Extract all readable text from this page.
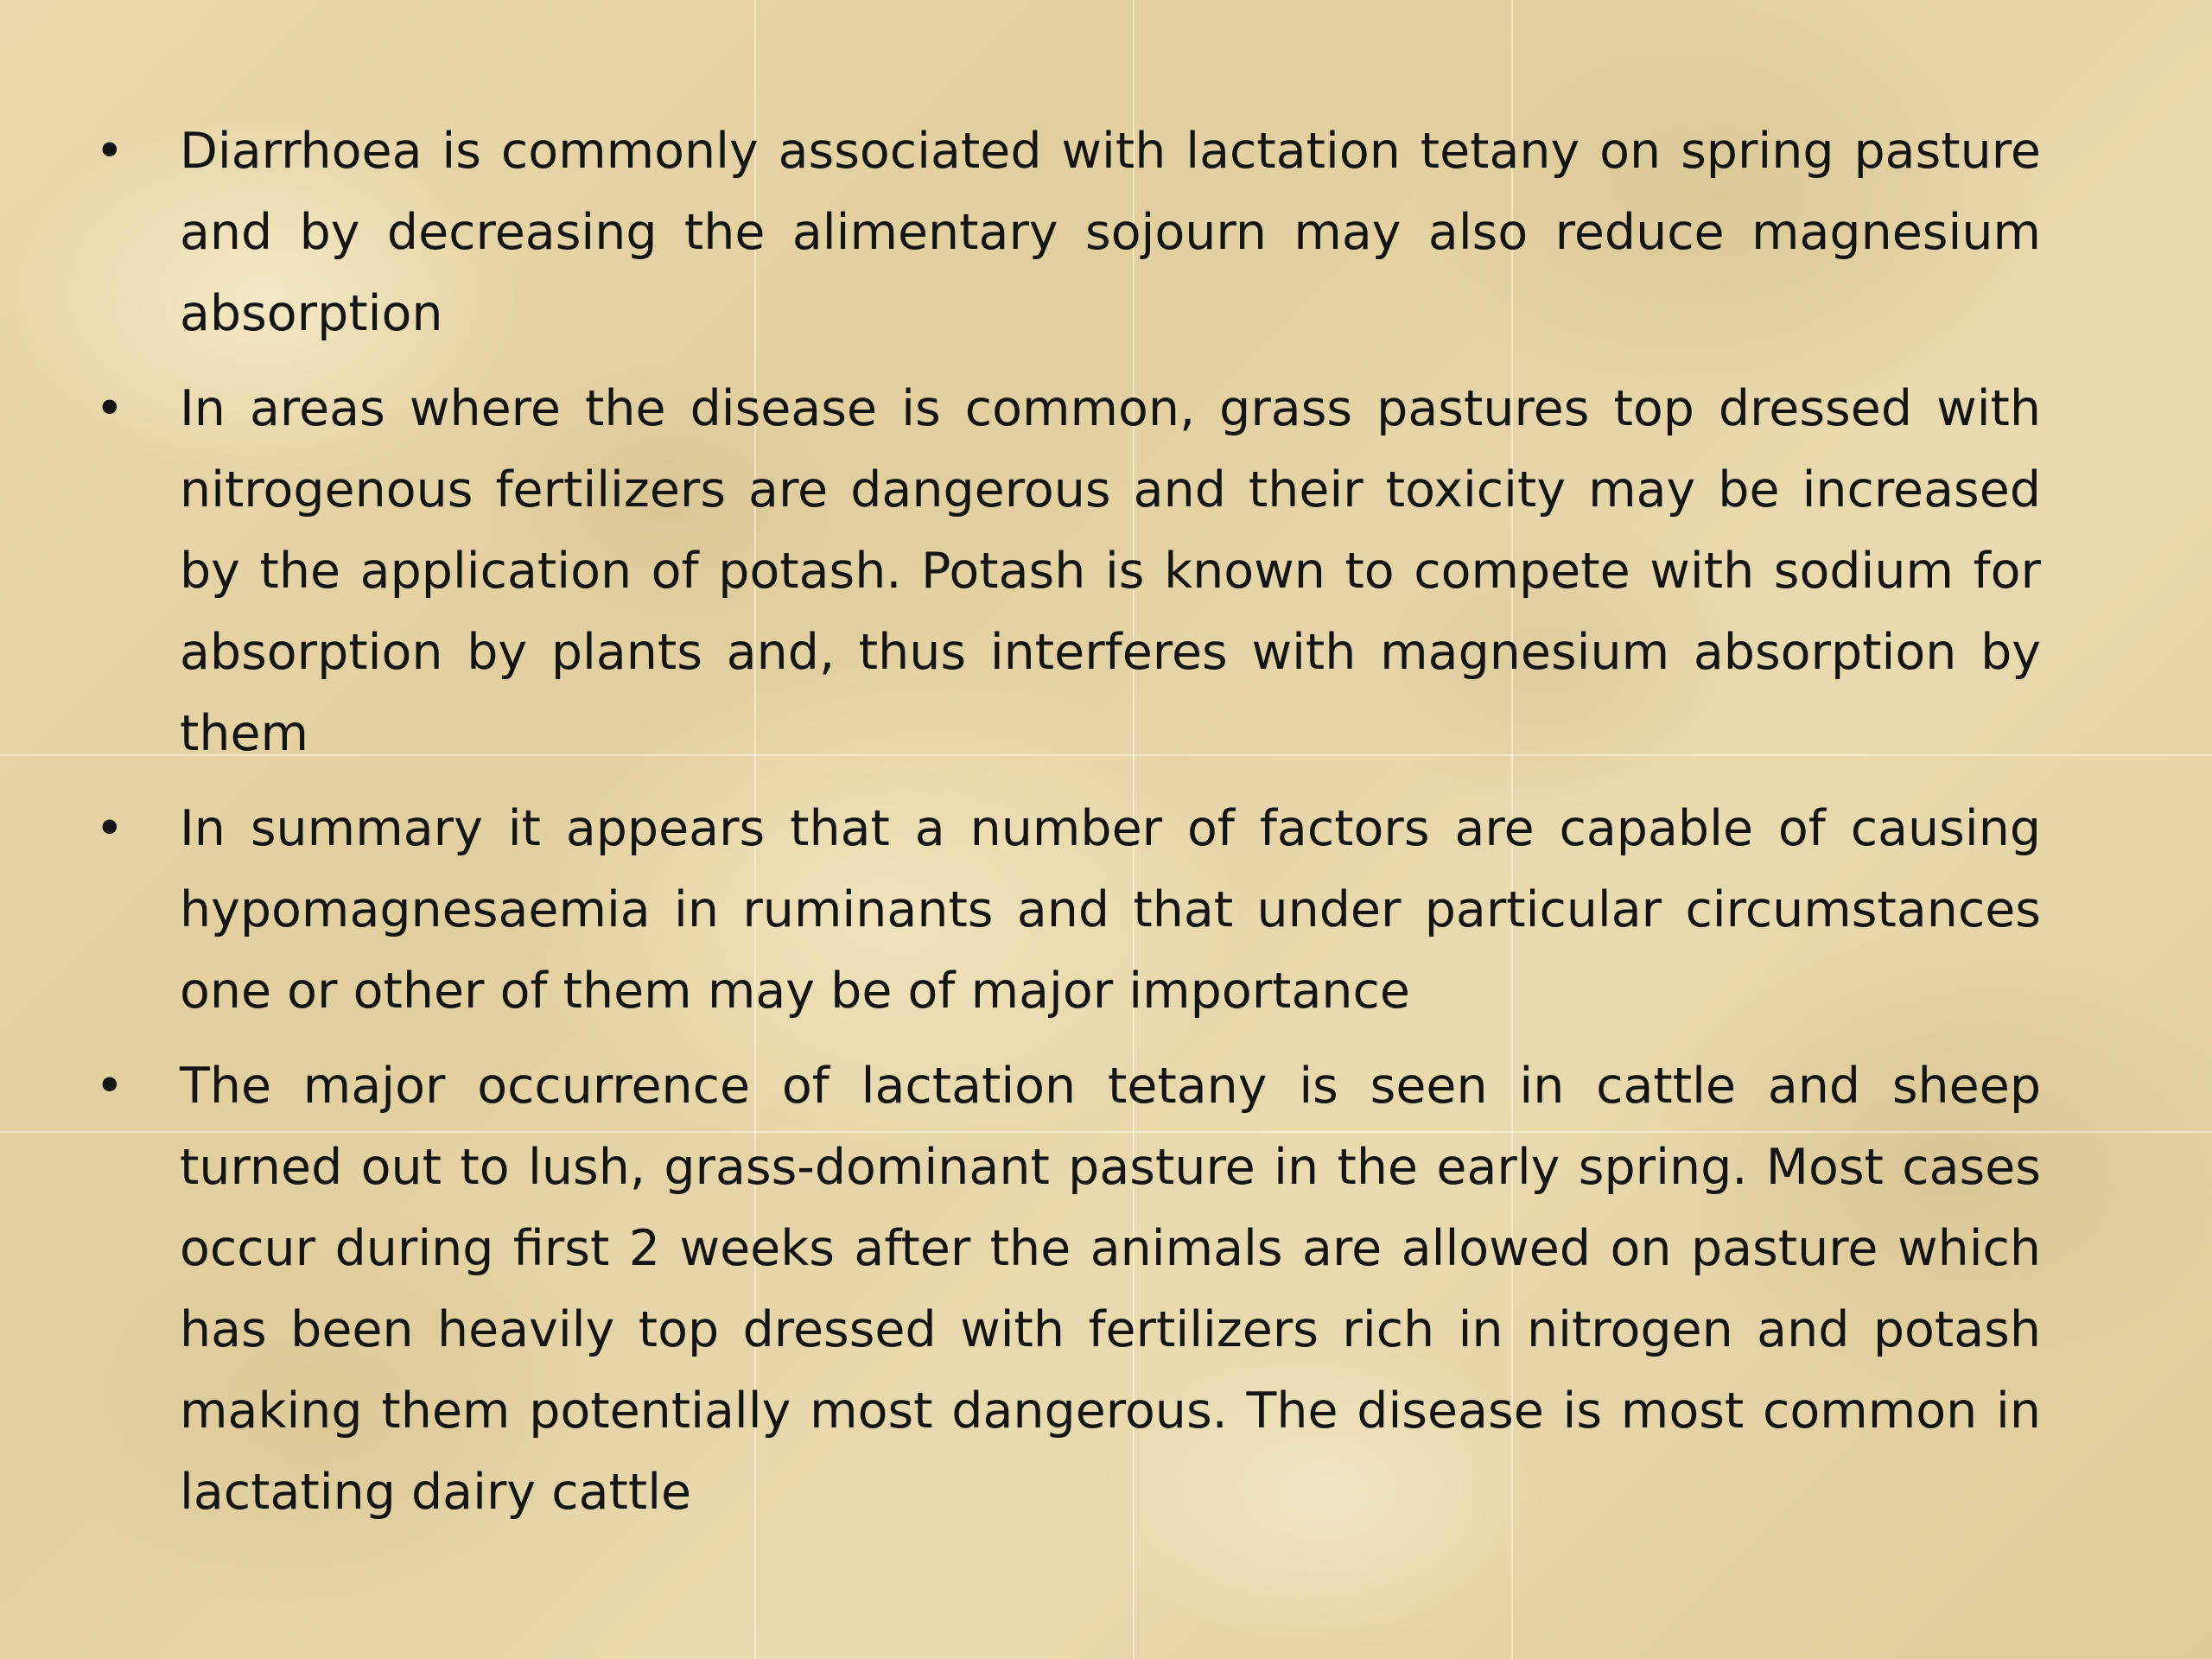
• Diarrhoea is commonly associated with lactation tetany on spring pasture and by decreasing the alimentary sojourn may also reduce magnesium absorption
• In areas where the disease is common, grass pastures top dressed with nitrogenous fertilizers are dangerous and their toxicity may be increased by the application of potash. Potash is known to compete with sodium for absorption by plants and, thus interferes with magnesium absorption by them
• In summary it appears that a number of factors are capable of causing hypomagnesaemia in ruminants and that under particular circumstances one or other of them may be of major importance
• The major occurrence of lactation tetany is seen in cattle and sheep turned out to lush, grass-dominant pasture in the early spring. Most cases occur during first 2 weeks after the animals are allowed on pasture which has been heavily top dressed with fertilizers rich in nitrogen and potash making them potentially most dangerous. The disease is most common in lactating dairy cattle
